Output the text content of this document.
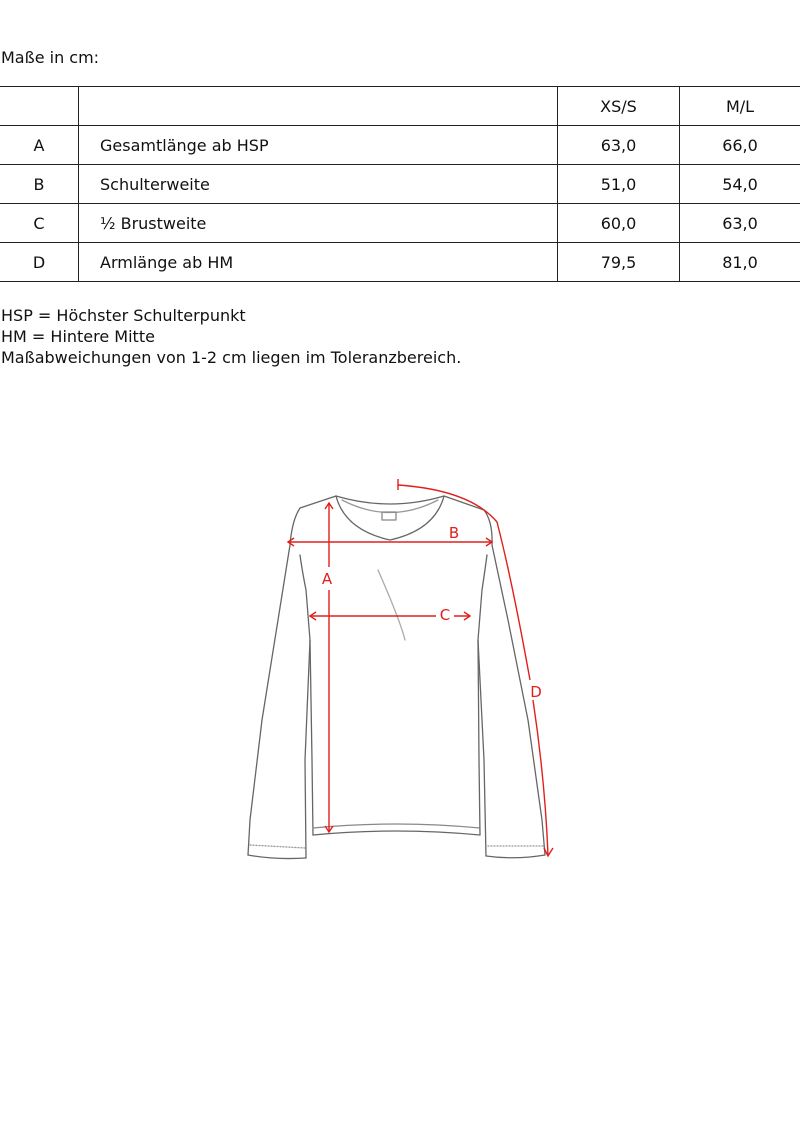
Maße in cm:
		XS/S	M/L
A	Gesamtlänge ab HSP	63,0	66,0
B	Schulterweite	51,0	54,0
C	½ Brustweite	60,0	63,0
D	Armlänge ab HM	79,5	81,0
HSP = Höchster Schulterpunkt
HM = Hintere Mitte
Maßabweichungen von 1-2 cm liegen im Toleranzbereich.
A
B
C
D
